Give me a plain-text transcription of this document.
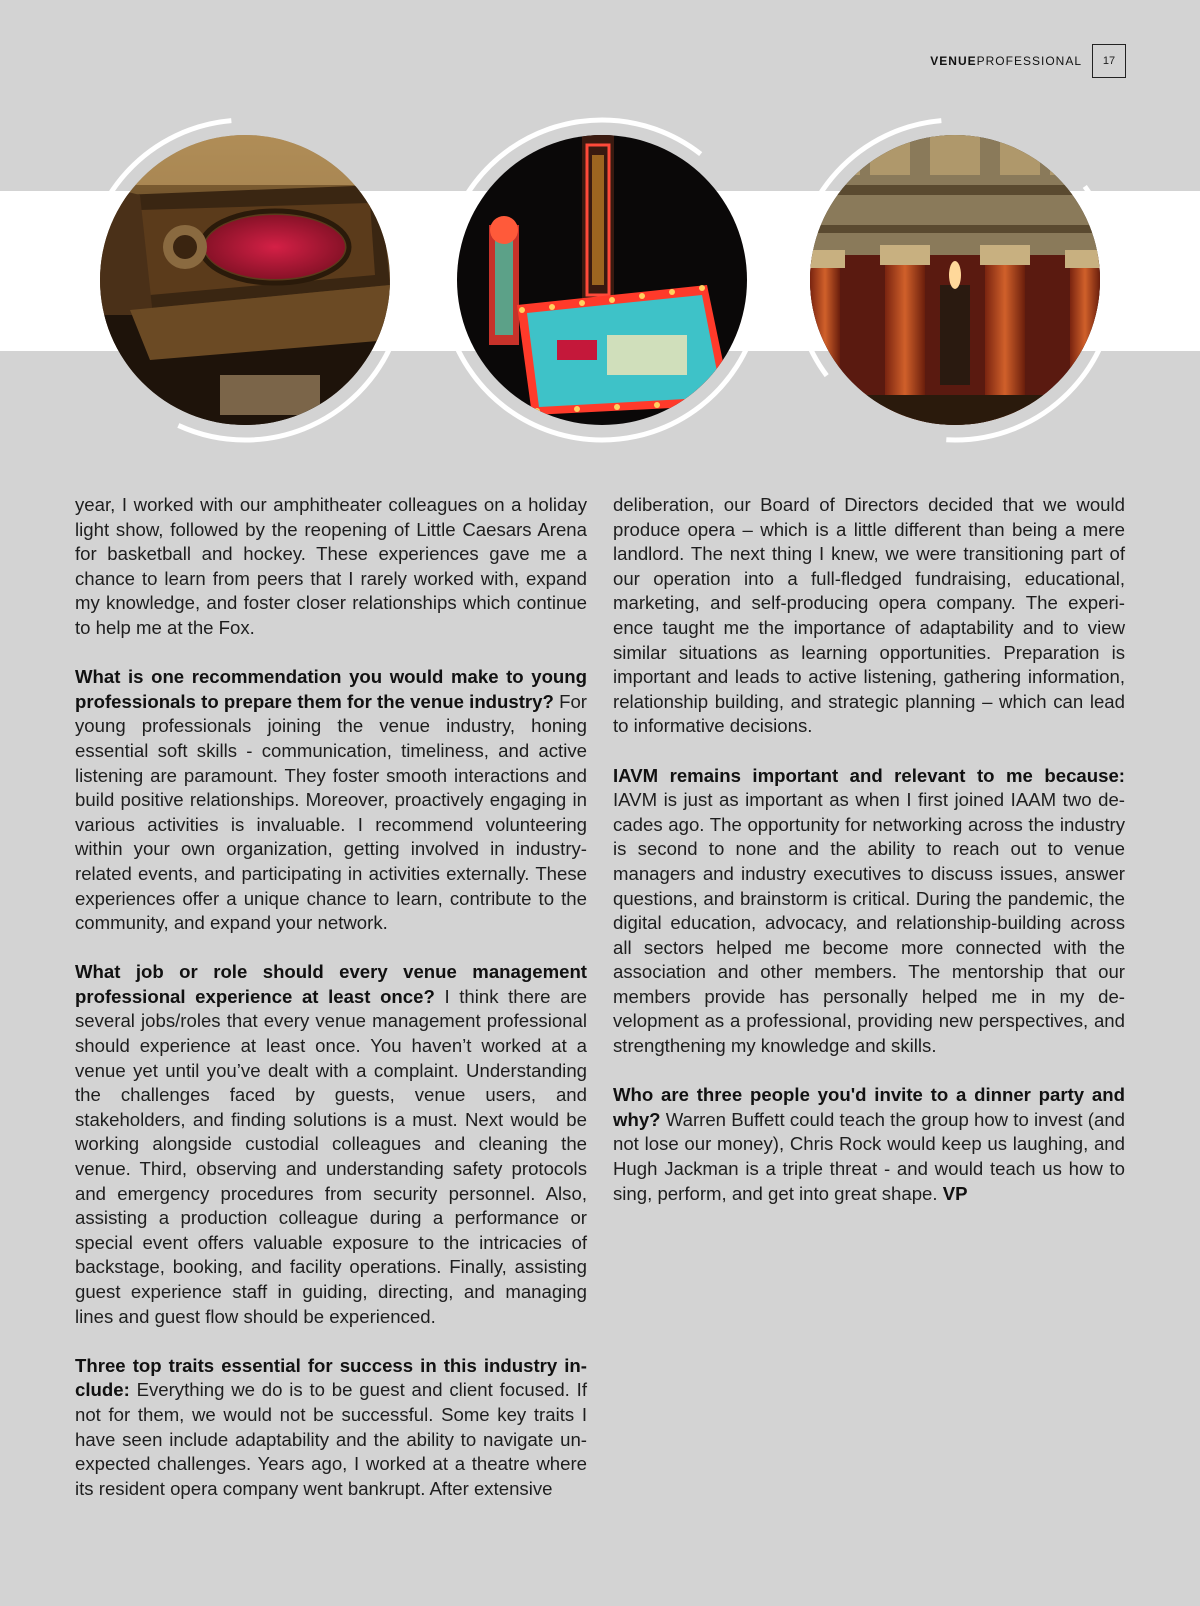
VENUEPROFESSIONAL	17

year, I worked with our amphitheater colleagues on a holiday light show, followed by the reopening of Little Caesars Arena for basketball and hockey. These experiences gave me a chance to learn from peers that I rarely worked with, expand my knowledge, and foster closer relationships which continue to help me at the Fox.

What is one recommendation you would make to young professionals to prepare them for the venue industry? For young professionals joining the venue industry, honing essential soft skills - communication, timeliness, and active listening are paramount. They foster smooth interactions and build positive relationships. Moreover, proactively engaging in various activities is invaluable. I recommend volunteering within your own organization, getting involved in industry-related events, and participating in activities externally. These experiences offer a unique chance to learn, contribute to the community, and expand your network.

What job or role should every venue management professional experience at least once? I think there are several jobs/roles that every venue management professional should experience at least once. You haven’t worked at a venue yet until you’ve dealt with a complaint. Understanding the challenges faced by guests, venue users, and stakeholders, and finding solutions is a must. Next would be working alongside custodial colleagues and cleaning the venue. Third, observing and understanding safety protocols and emergency procedures from security personnel. Also, assisting a production colleague during a performance or special event offers valuable exposure to the intricacies of backstage, booking, and facility operations. Finally, assisting guest experience staff in guiding, directing, and managing lines and guest flow should be experienced.

Three top traits essential for success in this industry include: Everything we do is to be guest and client focused. If not for them, we would not be successful. Some key traits I have seen include adaptability and the ability to navigate unexpected challenges. Years ago, I worked at a theatre where its resident opera company went bankrupt. After extensive

deliberation, our Board of Directors decided that we would produce opera – which is a little different than being a mere landlord. The next thing I knew, we were transitioning part of our operation into a full-fledged fundraising, educational, marketing, and self-producing opera company. The experience taught me the importance of adaptability and to view similar situations as learning opportunities. Preparation is important and leads to active listening, gathering information, relationship building, and strategic planning – which can lead to informative decisions.

IAVM remains important and relevant to me because: IAVM is just as important as when I first joined IAAM two decades ago. The opportunity for networking across the industry is second to none and the ability to reach out to venue managers and industry executives to discuss issues, answer questions, and brainstorm is critical. During the pandemic, the digital education, advocacy, and relationship-building across all sectors helped me become more connected with the association and other members. The mentorship that our members provide has personally helped me in my development as a professional, providing new perspectives, and strengthening my knowledge and skills.

Who are three people you'd invite to a dinner party and why? Warren Buffett could teach the group how to invest (and not lose our money), Chris Rock would keep us laughing, and Hugh Jackman is a triple threat - and would teach us how to sing, perform, and get into great shape. VP
